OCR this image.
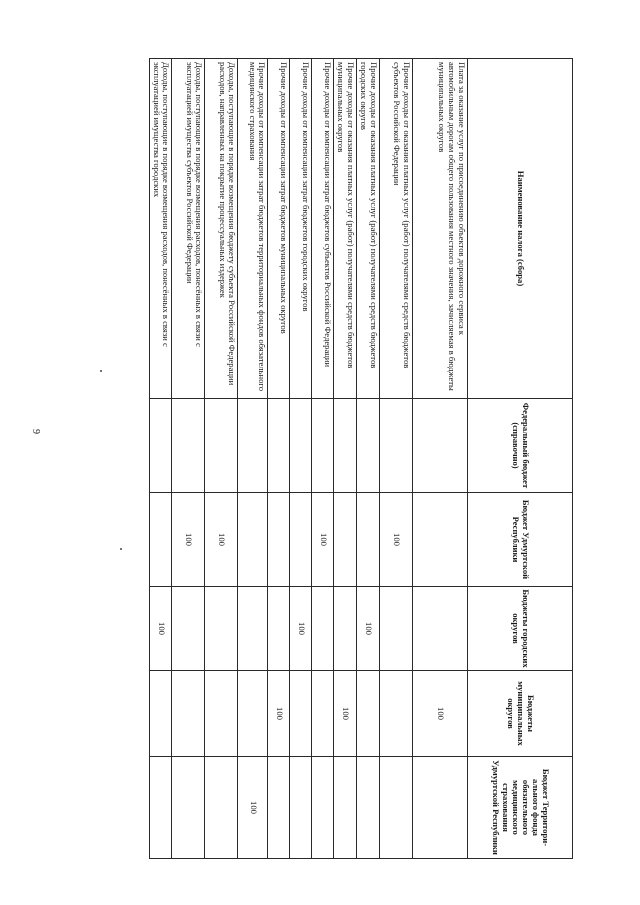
9
Наименование налога (сбора)	Федеральный бюджет (справочно)	Бюджет Удмуртской Республики	Бюджеты городских округов	Бюджеты муниципальных округов	Бюджет Территори-ального фонда обязательного медицинского страхования Удмуртской Республики
Плата за оказание услуг по присоединению объектов дорожного сервиса к автомобильным дорогам общего пользования местного значения, зачисляемая в бюджеты муниципальных округов				100	
Прочие доходы от оказания платных услуг (работ) получателями средств бюджетов субъектов Российской Федерации		100			
Прочие доходы от оказания платных услуг (работ) получателями средств бюджетов городских округов			100		
Прочие доходы от оказания платных услуг (работ) получателями средств бюджетов муниципальных округов				100	
Прочие доходы от компенсации затрат бюджетов субъектов Российской Федерации		100			
Прочие доходы от компенсации затрат бюджетов городских округов			100		
Прочие доходы от компенсации затрат бюджетов муниципальных округов				100	
Прочие доходы от компенсации затрат бюджетов территориальных фондов обязательного медицинского страхования					100
Доходы, поступающие в порядке возмещения бюджету субъекта Российской Федерации расходов, направленных на покрытие процессуальных издержек		100			
Доходы, поступающие в порядке возмещения расходов, понесённых в связи с эксплуатацией имущества субъектов Российской Федерации		100			
Доходы, поступающие в порядке возмещения расходов, понесённых в связи с эксплуатацией имущества городских			100		
